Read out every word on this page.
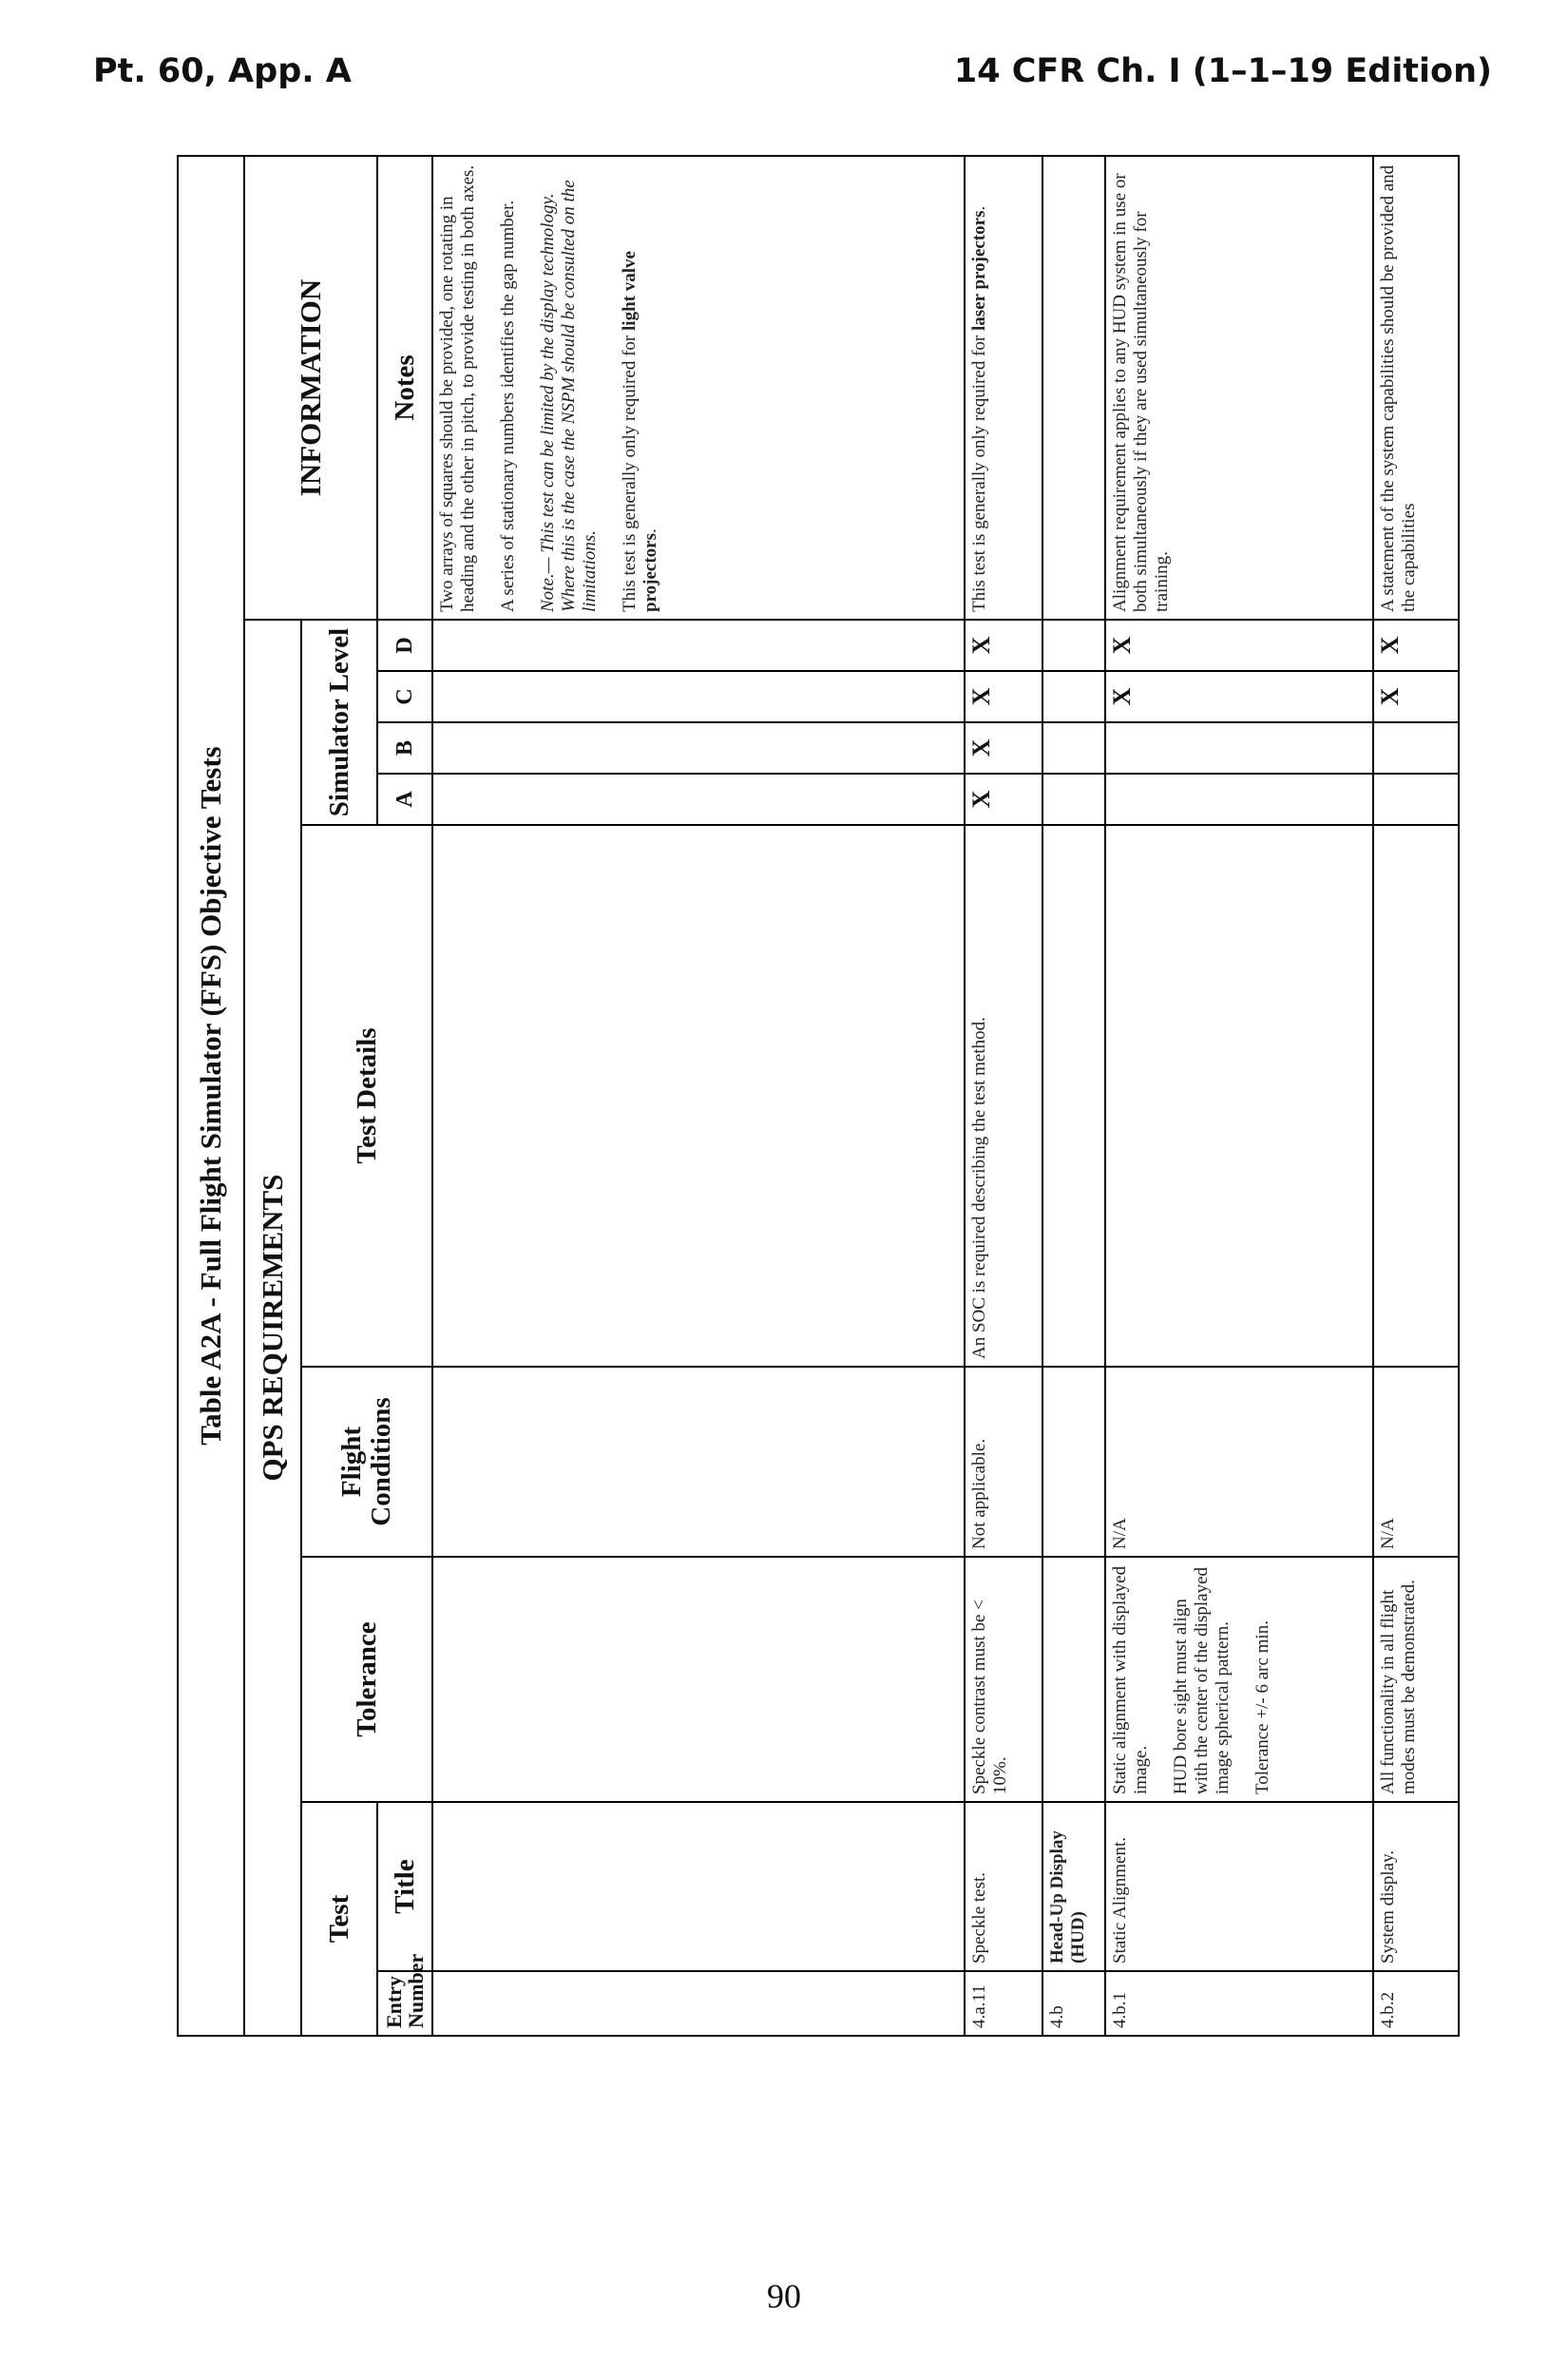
Pt. 60, App. A	14 CFR Ch. I (1–1–19 Edition)
Table A2A - Full Flight Simulator (FFS) Objective Tests									
QPS REQUIREMENTS									INFORMATION
Test		Tolerance	Flight Conditions	Test Details	Simulator Level				
Entry Number	Title								Notes
					A	B	C	D	

									Two arrays of squares should be provided, one rotating in heading and the other in pitch, to provide testing in both axes. A series of stationary numbers identifies the gap number. Note.— This test can be limited by the display technology. Where this is the case the NSPM should be consulted on the limitations. This test is generally only required for light valve projectors.

4.a.11	Speckle test.	Speckle contrast must be < 10%.	Not applicable.	An SOC is required describing the test method.	X	X	X	X	This test is generally only required for laser projectors.
4.b	Head-Up Display (HUD)								
4.b.1	Static Alignment.	Static alignment with displayed image. HUD bore sight must align with the center of the displayed image spherical pattern. Tolerance +/- 6 arc min.	N/A				X	X	Alignment requirement applies to any HUD system in use or both simultaneously if they are used simultaneously for training.
4.b.2	System display.	All functionality in all flight modes must be demonstrated.	N/A				X	X	A statement of the system capabilities should be provided and the capabilities
90
